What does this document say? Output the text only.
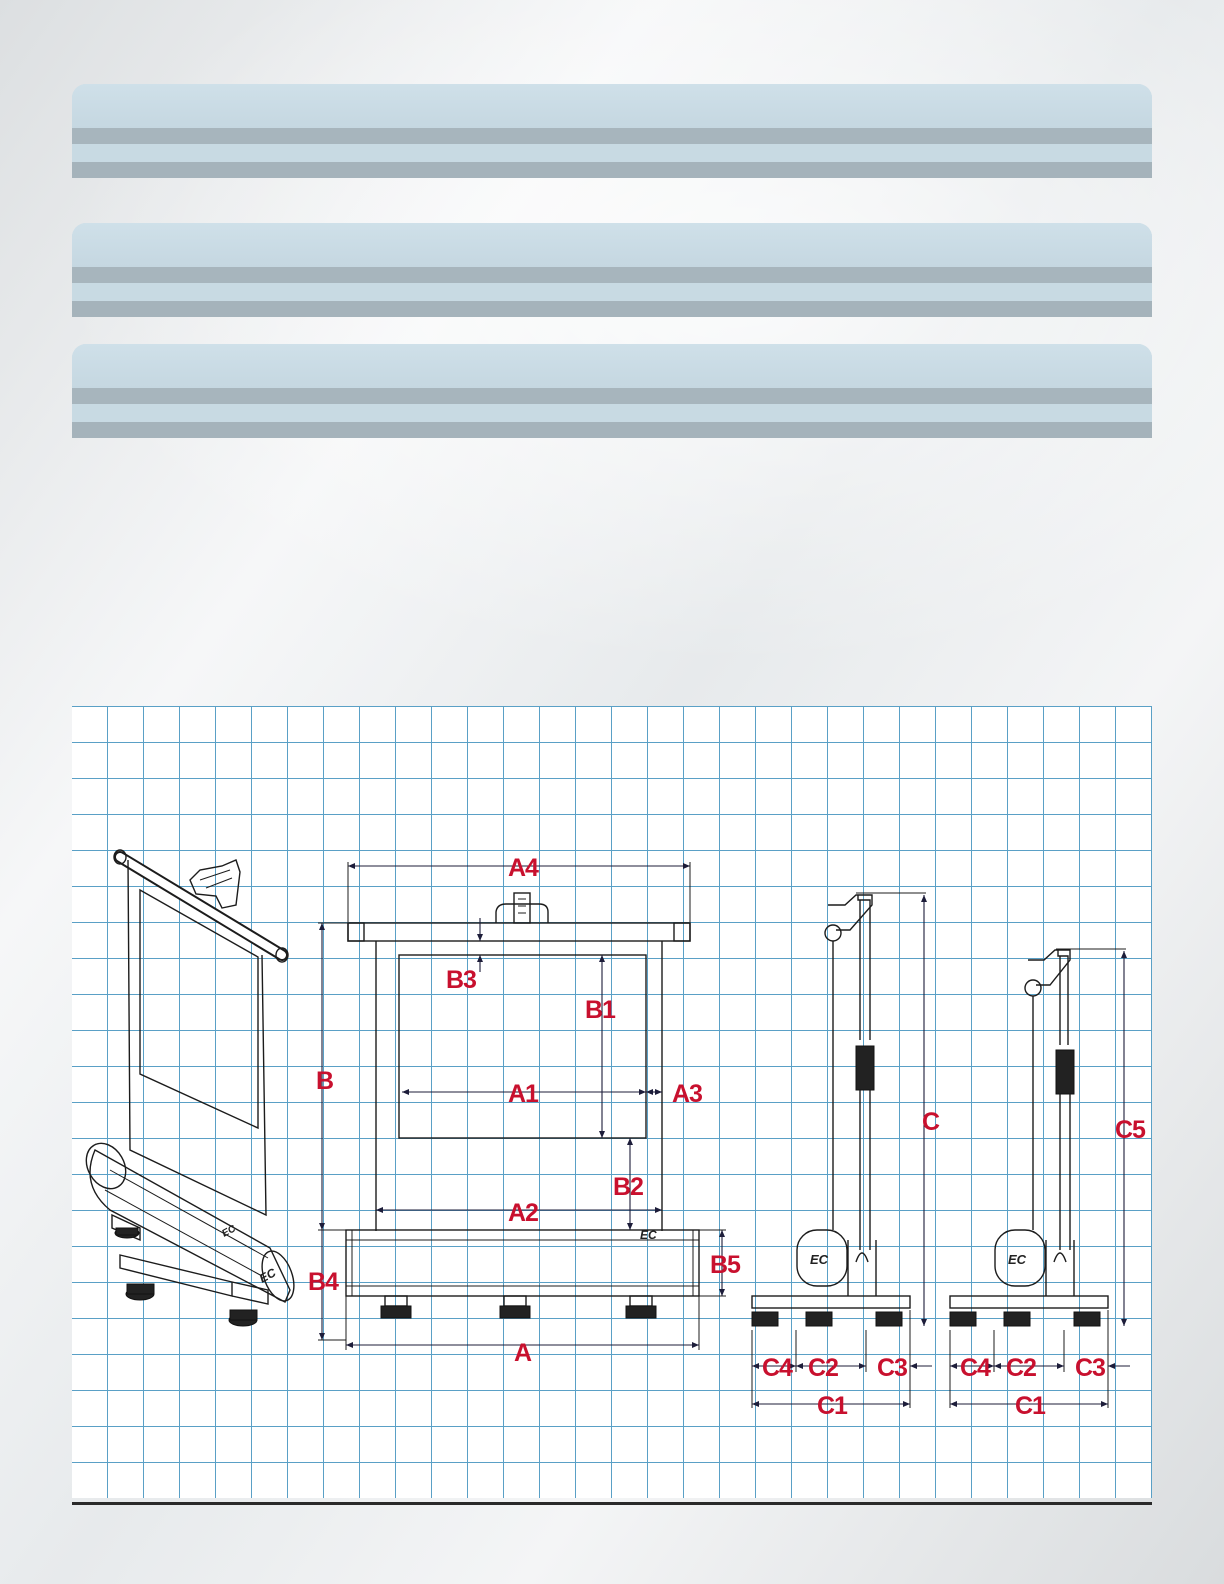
EC
EC
EC
A4
B3
B1
B	A1	A3
B2
A2
B5
B4
A
EC
C
C4 C2 C3
C1
EC
C5
C4 C2 C3
C1
